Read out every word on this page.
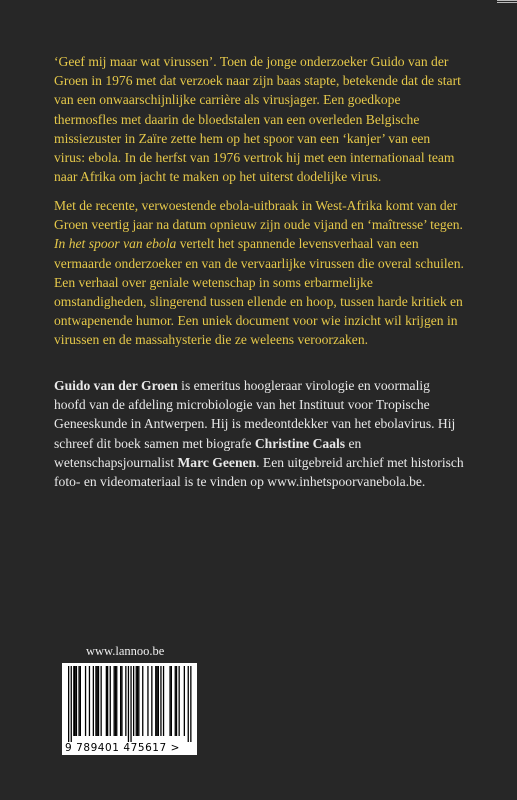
‘Geef mij maar wat virussen’. Toen de jonge onderzoeker Guido van der Groen in 1976 met dat verzoek naar zijn baas stapte, betekende dat de start van een onwaarschijnlijke carrière als virusjager. Een goedkope thermosfles met daarin de bloedstalen van een overleden Belgische missiezuster in Zaïre zette hem op het spoor van een ‘kanjer’ van een virus: ebola. In de herfst van 1976 vertrok hij met een internationaal team naar Afrika om jacht te maken op het uiterst dodelijke virus.

Met de recente, verwoestende ebola-uitbraak in West-Afrika komt van der Groen veertig jaar na datum opnieuw zijn oude vijand en ‘maîtresse’ tegen. In het spoor van ebola vertelt het spannende levensverhaal van een vermaarde onderzoeker en van de vervaarlijke virussen die overal schuilen. Een verhaal over geniale wetenschap in soms erbarmelijke omstandigheden, slingerend tussen ellende en hoop, tussen harde kritiek en ontwapenende humor. Een uniek document voor wie inzicht wil krijgen in virussen en de massahysterie die ze weleens veroorzaken.

Guido van der Groen is emeritus hoogleraar virologie en voormalig hoofd van de afdeling microbiologie van het Instituut voor Tropische Geneeskunde in Antwerpen. Hij is medeontdekker van het ebolavirus. Hij schreef dit boek samen met biografe Christine Caals en wetenschapsjournalist Marc Geenen. Een uitgebreid archief met historisch foto- en videomateriaal is te vinden op www.inhetspoorvanebola.be.

www.lannoo.be
9 789401 475617 >
